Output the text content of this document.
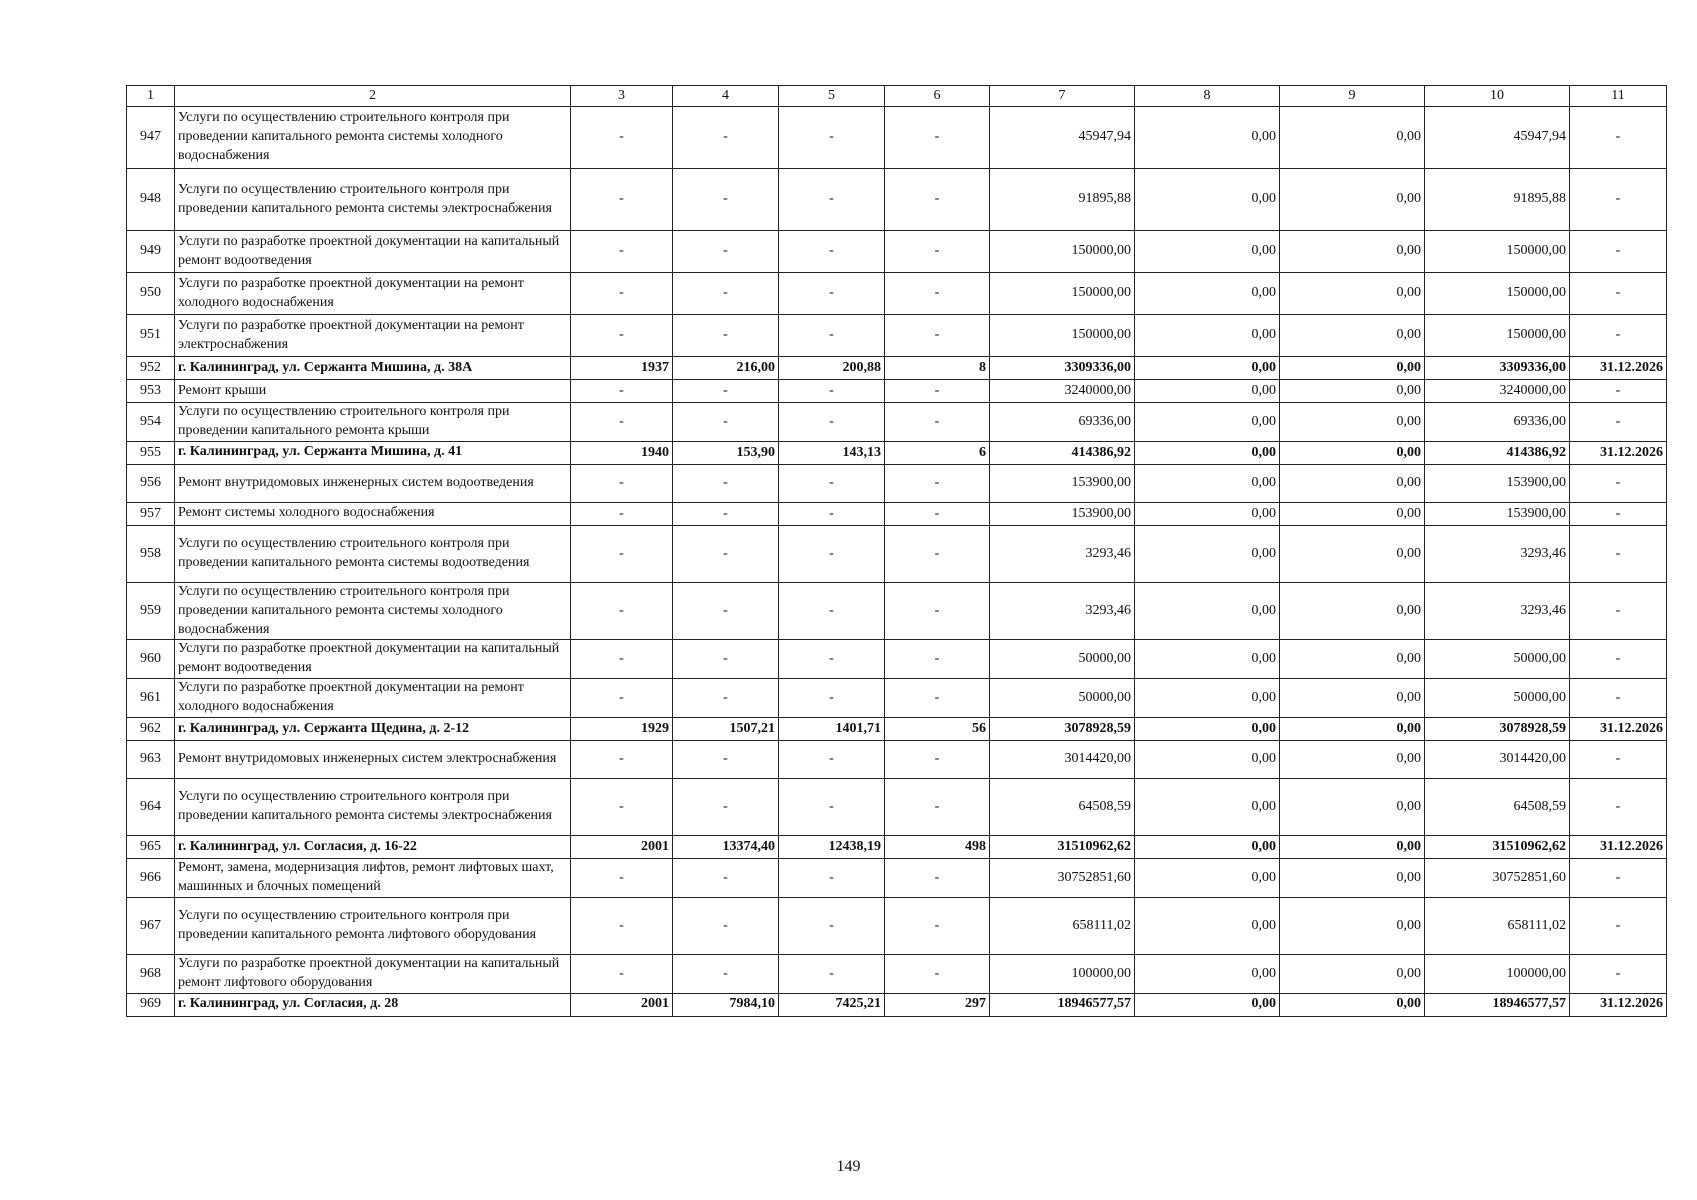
1	2	3	4	5	6	7	8	9	10	11
947	Услуги по осуществлению строительного контроля при проведении капитального ремонта системы холодного водоснабжения	-	-	-	-	45947,94	0,00	0,00	45947,94	-
948	Услуги по осуществлению строительного контроля при проведении капитального ремонта системы электроснабжения	-	-	-	-	91895,88	0,00	0,00	91895,88	-
949	Услуги по разработке проектной документации на капитальный ремонт водоотведения	-	-	-	-	150000,00	0,00	0,00	150000,00	-
950	Услуги по разработке проектной документации на ремонт холодного водоснабжения	-	-	-	-	150000,00	0,00	0,00	150000,00	-
951	Услуги по разработке проектной документации на ремонт электроснабжения	-	-	-	-	150000,00	0,00	0,00	150000,00	-
952	г. Калининград, ул. Сержанта Мишина, д. 38А	1937	216,00	200,88	8	3309336,00	0,00	0,00	3309336,00	31.12.2026
953	Ремонт крыши	-	-	-	-	3240000,00	0,00	0,00	3240000,00	-
954	Услуги по осуществлению строительного контроля при проведении капитального ремонта крыши	-	-	-	-	69336,00	0,00	0,00	69336,00	-
955	г. Калининград, ул. Сержанта Мишина, д. 41	1940	153,90	143,13	6	414386,92	0,00	0,00	414386,92	31.12.2026
956	Ремонт внутридомовых инженерных систем водоотведения	-	-	-	-	153900,00	0,00	0,00	153900,00	-
957	Ремонт системы холодного водоснабжения	-	-	-	-	153900,00	0,00	0,00	153900,00	-
958	Услуги по осуществлению строительного контроля при проведении капитального ремонта системы водоотведения	-	-	-	-	3293,46	0,00	0,00	3293,46	-
959	Услуги по осуществлению строительного контроля при проведении капитального ремонта системы холодного водоснабжения	-	-	-	-	3293,46	0,00	0,00	3293,46	-
960	Услуги по разработке проектной документации на капитальный ремонт водоотведения	-	-	-	-	50000,00	0,00	0,00	50000,00	-
961	Услуги по разработке проектной документации на ремонт холодного водоснабжения	-	-	-	-	50000,00	0,00	0,00	50000,00	-
962	г. Калининград, ул. Сержанта Щедина, д. 2-12	1929	1507,21	1401,71	56	3078928,59	0,00	0,00	3078928,59	31.12.2026
963	Ремонт внутридомовых инженерных систем электроснабжения	-	-	-	-	3014420,00	0,00	0,00	3014420,00	-
964	Услуги по осуществлению строительного контроля при проведении капитального ремонта системы электроснабжения	-	-	-	-	64508,59	0,00	0,00	64508,59	-
965	г. Калининград, ул. Согласия, д. 16-22	2001	13374,40	12438,19	498	31510962,62	0,00	0,00	31510962,62	31.12.2026
966	Ремонт, замена, модернизация лифтов, ремонт лифтовых шахт, машинных и блочных помещений	-	-	-	-	30752851,60	0,00	0,00	30752851,60	-
967	Услуги по осуществлению строительного контроля при проведении капитального ремонта лифтового оборудования	-	-	-	-	658111,02	0,00	0,00	658111,02	-
968	Услуги по разработке проектной документации на капитальный ремонт лифтового оборудования	-	-	-	-	100000,00	0,00	0,00	100000,00	-
969	г. Калининград, ул. Согласия, д. 28	2001	7984,10	7425,21	297	18946577,57	0,00	0,00	18946577,57	31.12.2026
149
